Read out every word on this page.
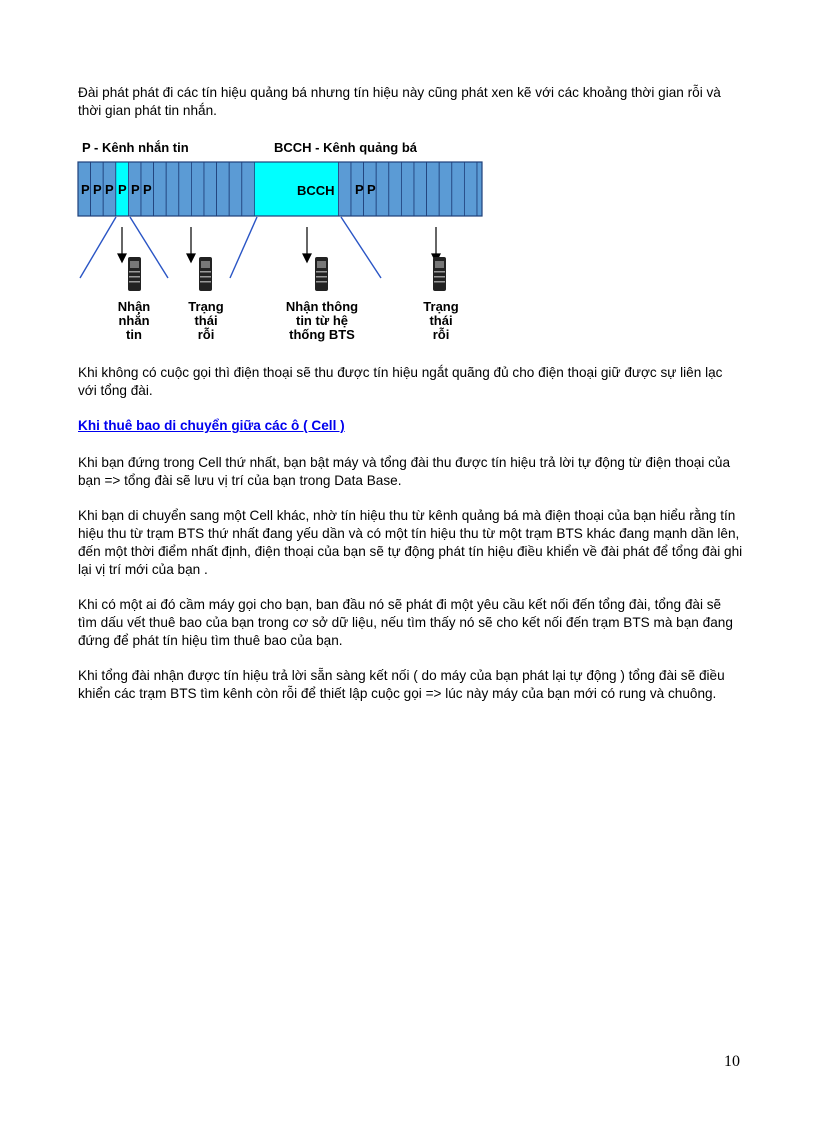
Đài phát phát đi các tín hiệu quảng bá nhưng tín hiệu này cũng phát xen kẽ với các khoảng thời gian rỗi và thời gian phát tin nhắn.

P - Kênh nhắn tin	BCCH - Kênh quảng bá
P P P P P P	P P
BCCH
Nhận
nhắn
tin
Trạng
thái
rỗi
Nhận thông
tin từ hệ
thống BTS
Trạng
thái
rỗi

Khi không có cuộc gọi thì điện thoại sẽ thu được tín hiệu ngắt quãng đủ cho điện thoại giữ được sự liên lạc với tổng đài.

Khi thuê bao di chuyển giữa các ô ( Cell )

Khi bạn đứng trong Cell thứ nhất, bạn bật máy và tổng đài thu được tín hiệu trả lời tự động từ điện thoại của bạn => tổng đài sẽ lưu vị trí của bạn trong Data Base.

Khi bạn di chuyển sang một Cell khác, nhờ tín hiệu thu từ kênh quảng bá mà điện thoại của bạn hiểu rằng tín hiệu thu từ trạm BTS thứ nhất đang yếu dần và có một tín hiệu thu từ một trạm BTS khác đang mạnh dần lên, đến một thời điểm nhất định, điện thoại của bạn sẽ tự động phát tín hiệu điều khiển về đài phát để tổng đài ghi lại vị trí mới của bạn .

Khi có một ai đó cầm máy gọi cho bạn, ban đầu nó sẽ phát đi một yêu cầu kết nối đến tổng đài, tổng đài sẽ tìm dấu vết thuê bao của bạn trong cơ sở dữ liệu, nếu tìm thấy nó sẽ cho kết nối đến trạm BTS mà bạn đang đứng để phát tín hiệu tìm thuê bao của bạn.

Khi tổng đài nhận được tín hiệu trả lời sẵn sàng kết nối ( do máy của bạn phát lại tự động ) tổng đài sẽ điều khiển các trạm BTS tìm kênh còn rỗi để thiết lập cuộc gọi => lúc này máy của bạn mới có rung và chuông.

10
